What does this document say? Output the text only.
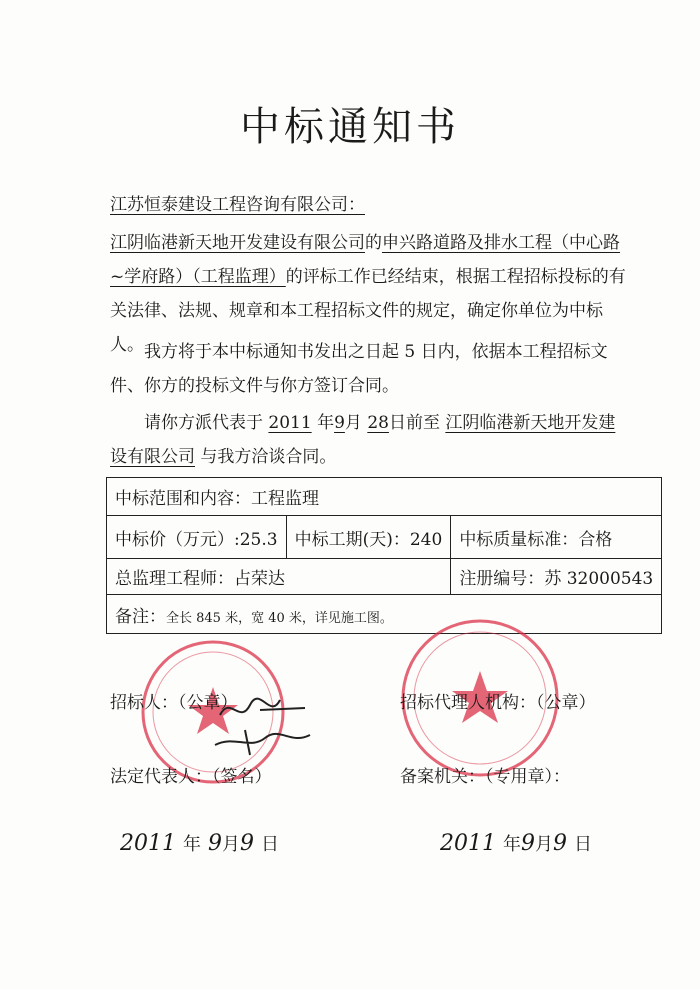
中标通知书

江苏恒泰建设工程咨询有限公司：

江阴临港新天地开发建设有限公司的申兴路道路及排水工程（中心路~学府路）（工程监理）的评标工作已经结束，根据工程招标投标的有关法律、法规、规章和本工程招标文件的规定，确定你单位为中标人。 我方将于本中标通知书发出之日起 5 日内，依据本工程招标文件、你方的投标文件与你方签订合同。

请你方派代表于 2011 年9月 28日前至 江阴临港新天地开发建设有限公司 与我方洽谈合同。

中标范围和内容：工程监理		
中标价（万元）:25.3	中标工期(天)：240	中标质量标准：合格
总监理工程师：占荣达		注册编号：苏 32000543
备注：全长 845 米，宽 40 米，详见施工图。		
招标人：（公章）
法定代表人：（签名）
招标代理人机构：（公章）
备案机关：（专用章）：
2011 年 9月9 日	2011 年9月9 日
